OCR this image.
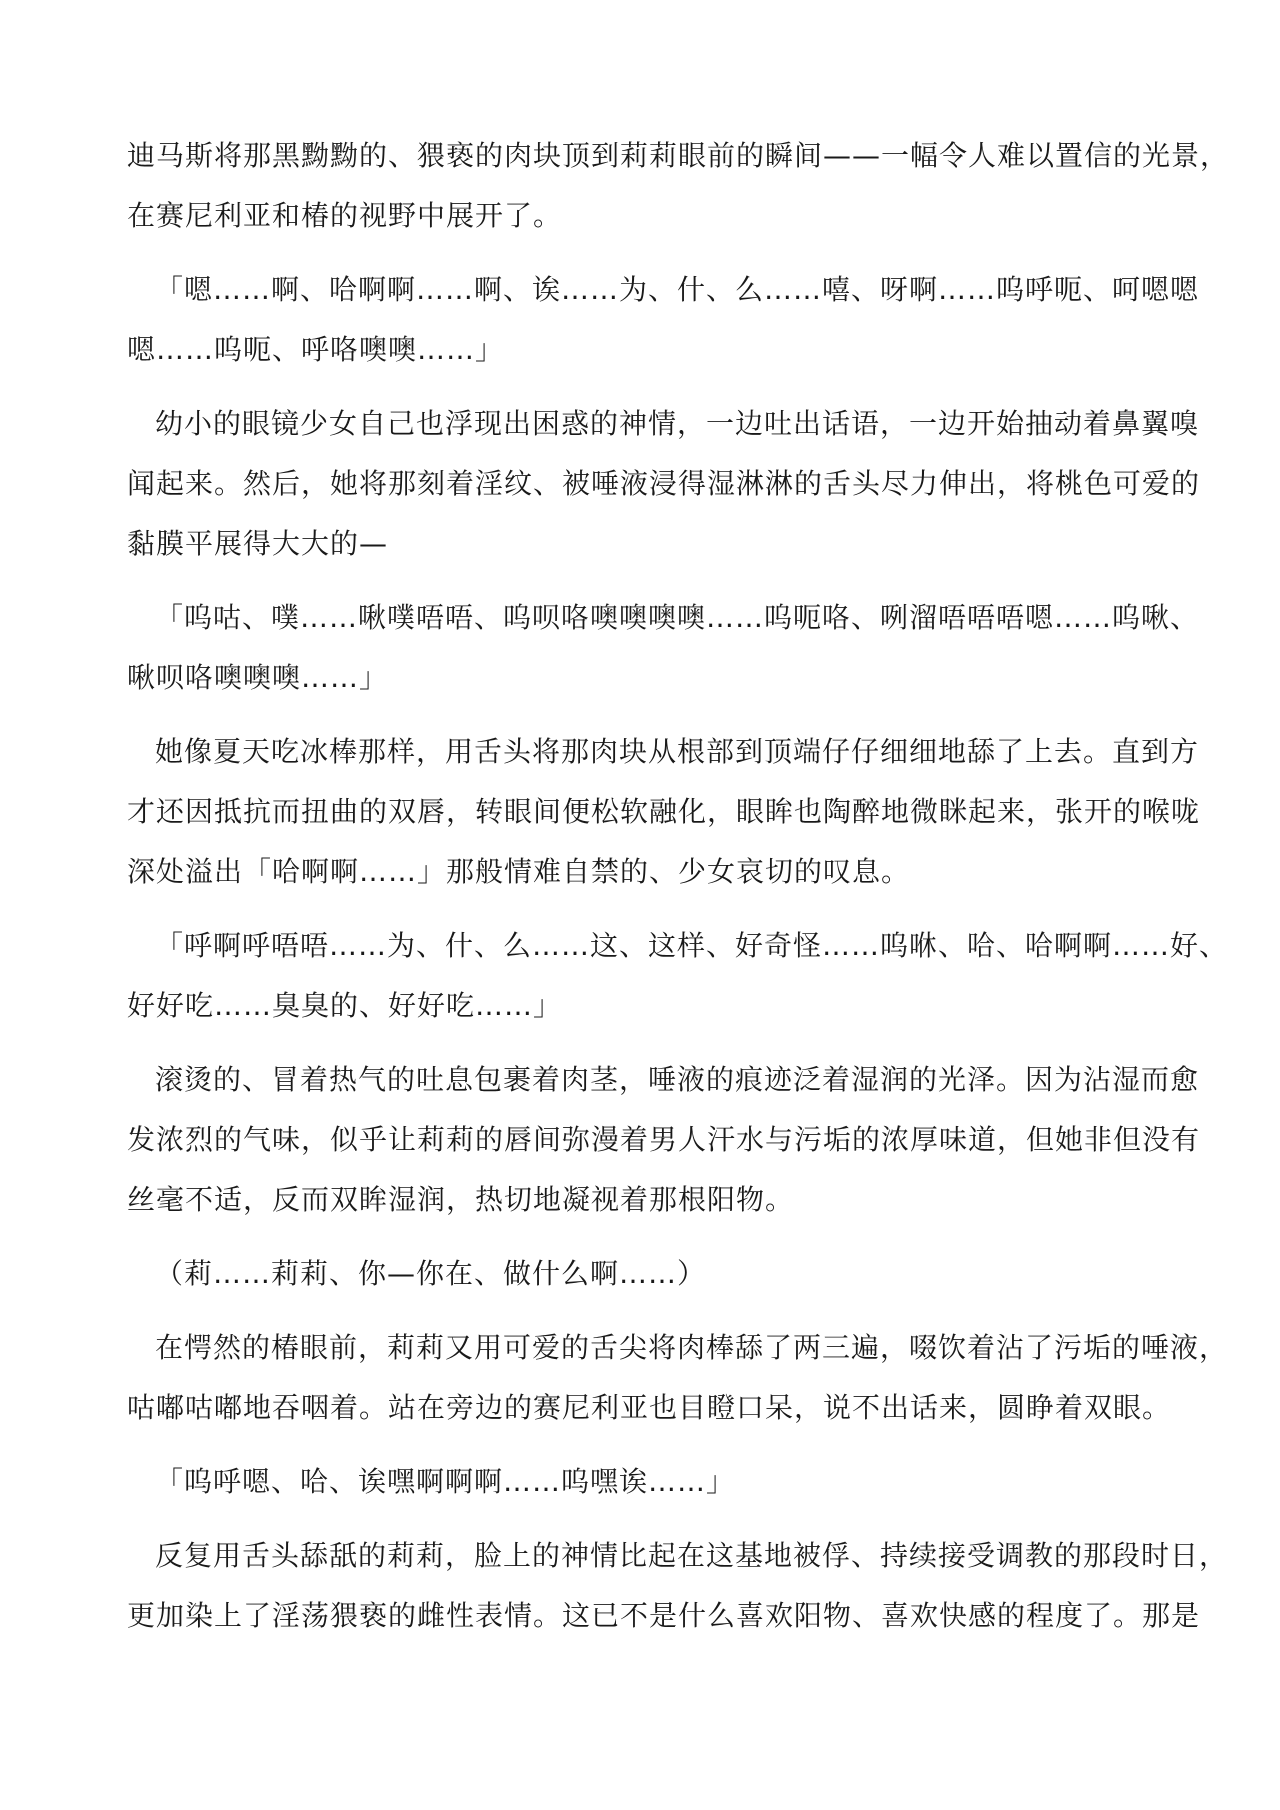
迪马斯将那黑黝黝的、猥亵的肉块顶到莉莉眼前的瞬间——一幅令人难以置信的光景，
在赛尼利亚和椿的视野中展开了。
「嗯……啊、哈啊啊……啊、诶……为、什、么……嘻、呀啊……呜呼呃、呵嗯嗯
嗯……呜呃、呼咯噢噢……」
幼小的眼镜少女自己也浮现出困惑的神情，一边吐出话语，一边开始抽动着鼻翼嗅
闻起来。然后，她将那刻着淫纹、被唾液浸得湿淋淋的舌头尽力伸出，将桃色可爱的
黏膜平展得大大的—
「呜咕、噗……啾噗唔唔、呜呗咯噢噢噢噢……呜呃咯、咧溜唔唔唔嗯……呜啾、
啾呗咯噢噢噢……」
她像夏天吃冰棒那样，用舌头将那肉块从根部到顶端仔仔细细地舔了上去。直到方
才还因抵抗而扭曲的双唇，转眼间便松软融化，眼眸也陶醉地微眯起来，张开的喉咙
深处溢出「哈啊啊……」那般情难自禁的、少女哀切的叹息。
「呼啊呼唔唔……为、什、么……这、这样、好奇怪……呜咻、哈、哈啊啊……好、
好好吃……臭臭的、好好吃……」
滚烫的、冒着热气的吐息包裹着肉茎，唾液的痕迹泛着湿润的光泽。因为沾湿而愈
发浓烈的气味，似乎让莉莉的唇间弥漫着男人汗水与污垢的浓厚味道，但她非但没有
丝毫不适，反而双眸湿润，热切地凝视着那根阳物。
（莉……莉莉、你—你在、做什么啊……）
在愕然的椿眼前，莉莉又用可爱的舌尖将肉棒舔了两三遍，啜饮着沾了污垢的唾液，
咕嘟咕嘟地吞咽着。站在旁边的赛尼利亚也目瞪口呆，说不出话来，圆睁着双眼。
「呜呼嗯、哈、诶嘿啊啊啊……呜嘿诶……」
反复用舌头舔舐的莉莉，脸上的神情比起在这基地被俘、持续接受调教的那段时日，
更加染上了淫荡猥亵的雌性表情。这已不是什么喜欢阳物、喜欢快感的程度了。那是
